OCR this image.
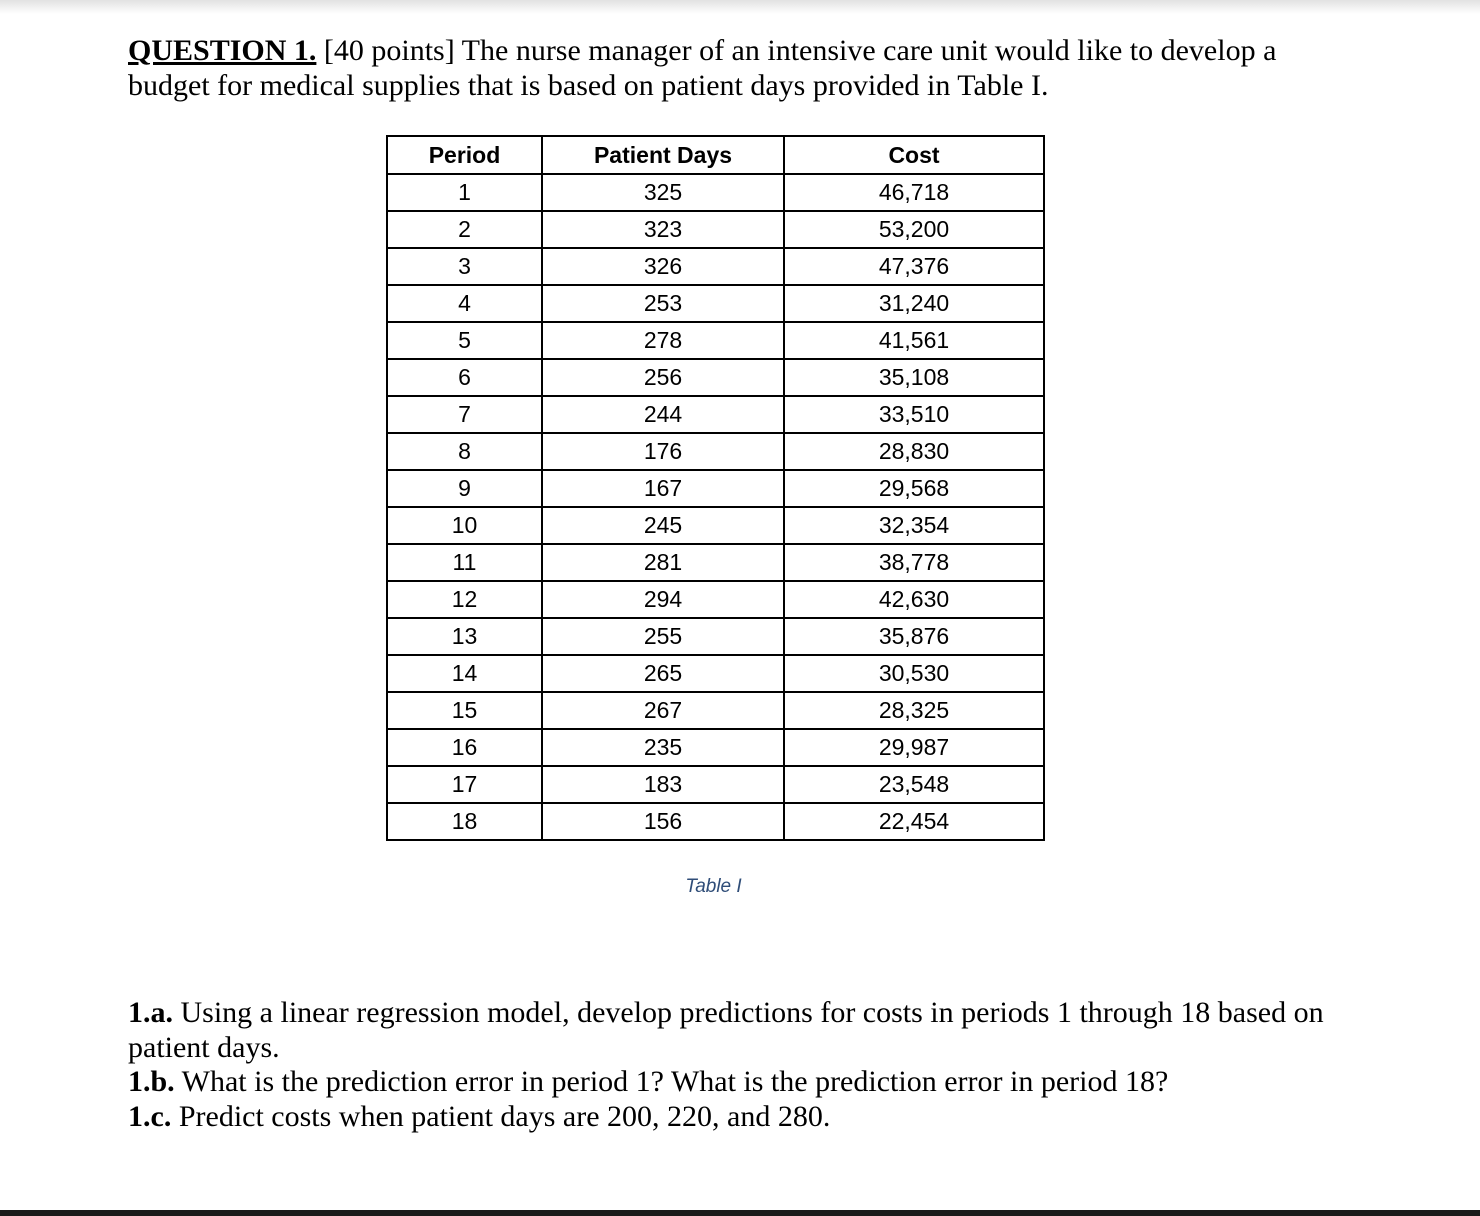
QUESTION 1. [40 points] The nurse manager of an intensive care unit would like to develop a budget for medical supplies that is based on patient days provided in Table I.
Period	Patient Days	Cost
1	325	46,718
2	323	53,200
3	326	47,376
4	253	31,240
5	278	41,561
6	256	35,108
7	244	33,510
8	176	28,830
9	167	29,568
10	245	32,354
11	281	38,778
12	294	42,630
13	255	35,876
14	265	30,530
15	267	28,325
16	235	29,987
17	183	23,548
18	156	22,454
Table I

1.a. Using a linear regression model, develop predictions for costs in periods 1 through 18 based on patient days.

1.b. What is the prediction error in period 1? What is the prediction error in period 18?

1.c. Predict costs when patient days are 200, 220, and 280.
